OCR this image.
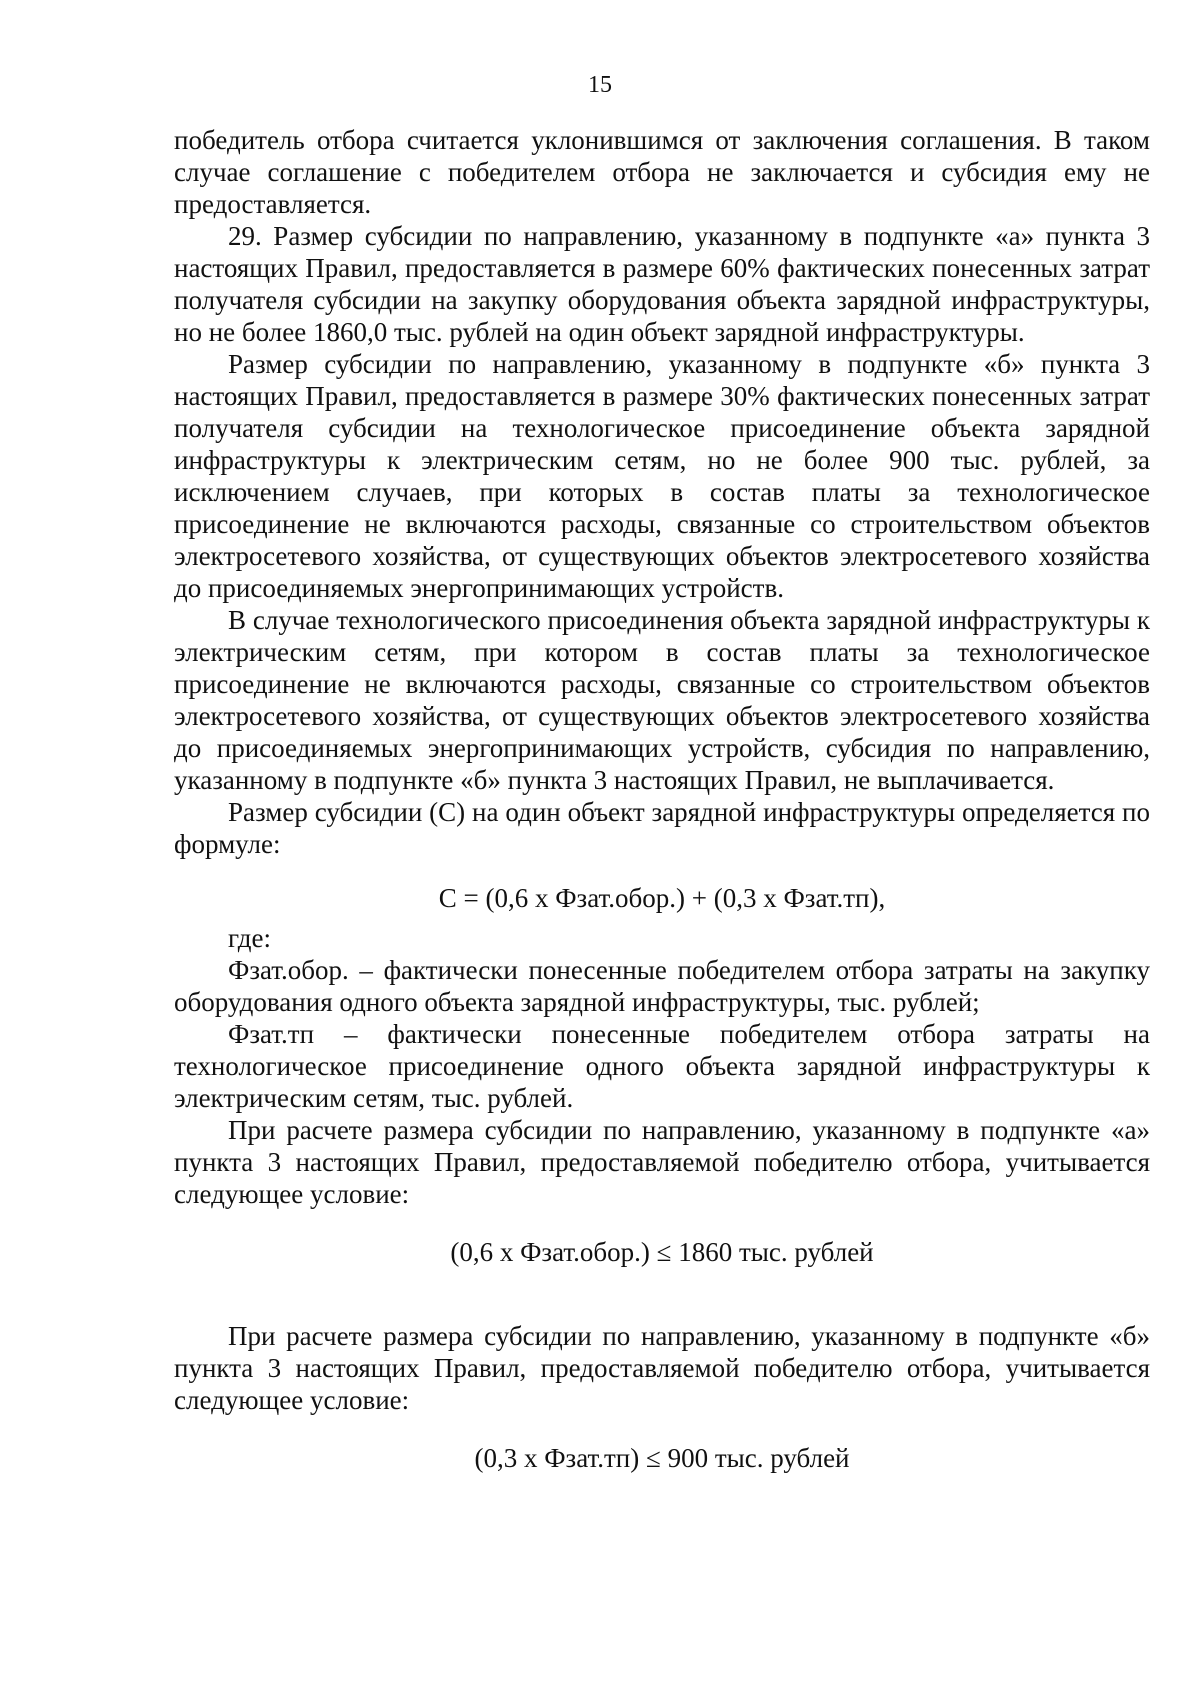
15

победитель отбора считается уклонившимся от заключения соглашения. В таком случае соглашение с победителем отбора не заключается и субсидия ему не предоставляется.

29. Размер субсидии по направлению, указанному в подпункте «а» пункта 3 настоящих Правил, предоставляется в размере 60% фактических понесенных затрат получателя субсидии на закупку оборудования объекта зарядной инфраструктуры, но не более 1860,0 тыс. рублей на один объект зарядной инфраструктуры.

Размер субсидии по направлению, указанному в подпункте «б» пункта 3 настоящих Правил, предоставляется в размере 30% фактических понесенных затрат получателя субсидии на технологическое присоединение объекта зарядной инфраструктуры к электрическим сетям, но не более 900 тыс. рублей, за исключением случаев, при которых в состав платы за технологическое присоединение не включаются расходы, связанные со строительством объектов электросетевого хозяйства, от существующих объектов электросетевого хозяйства до присоединяемых энергопринимающих устройств.

В случае технологического присоединения объекта зарядной инфраструктуры к электрическим сетям, при котором в состав платы за технологическое присоединение не включаются расходы, связанные со строительством объектов электросетевого хозяйства, от существующих объектов электросетевого хозяйства до присоединяемых энергопринимающих устройств, субсидия по направлению, указанному в подпункте «б» пункта 3 настоящих Правил, не выплачивается.

Размер субсидии (С) на один объект зарядной инфраструктуры определяется по формуле:

С = (0,6 х Фзат.обор.) + (0,3 х Фзат.тп),

где:

Фзат.обор. – фактически понесенные победителем отбора затраты на закупку оборудования одного объекта зарядной инфраструктуры, тыс. рублей;

Фзат.тп – фактически понесенные победителем отбора затраты на технологическое присоединение одного объекта зарядной инфраструктуры к электрическим сетям, тыс. рублей.

При расчете размера субсидии по направлению, указанному в подпункте «а» пункта 3 настоящих Правил, предоставляемой победителю отбора, учитывается следующее условие:

(0,6 х Фзат.обор.) ≤ 1860 тыс. рублей

При расчете размера субсидии по направлению, указанному в подпункте «б» пункта 3 настоящих Правил, предоставляемой победителю отбора, учитывается следующее условие:

(0,3 х Фзат.тп) ≤ 900 тыс. рублей
